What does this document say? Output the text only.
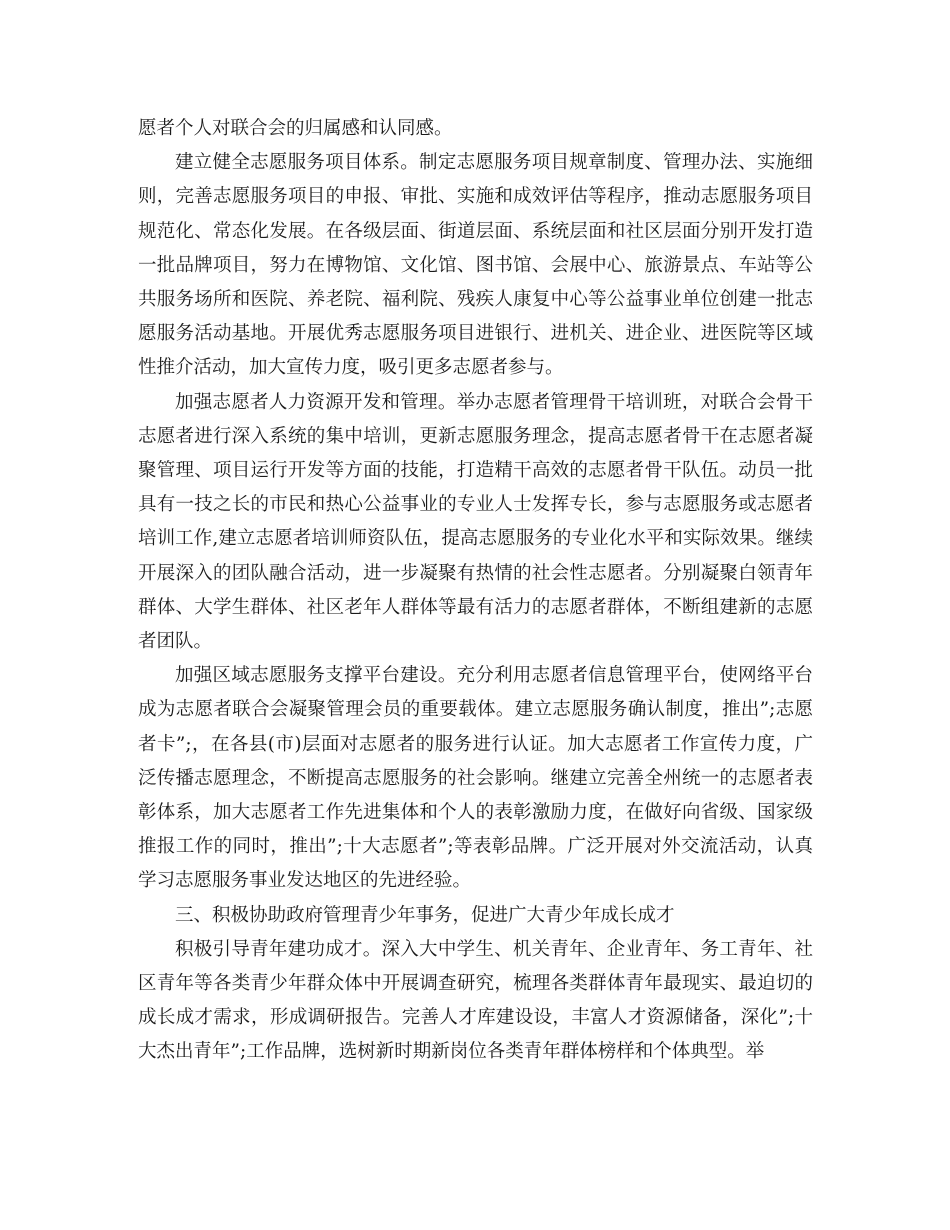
愿者个人对联合会的归属感和认同感。

建立健全志愿服务项目体系。制定志愿服务项目规章制度、管理办法、实施细则，完善志愿服务项目的申报、审批、实施和成效评估等程序，推动志愿服务项目规范化、常态化发展。在各级层面、街道层面、系统层面和社区层面分别开发打造一批品牌项目，努力在博物馆、文化馆、图书馆、会展中心、旅游景点、车站等公共服务场所和医院、养老院、福利院、残疾人康复中心等公益事业单位创建一批志愿服务活动基地。开展优秀志愿服务项目进银行、进机关、进企业、进医院等区域性推介活动，加大宣传力度，吸引更多志愿者参与。

加强志愿者人力资源开发和管理。举办志愿者管理骨干培训班，对联合会骨干志愿者进行深入系统的集中培训，更新志愿服务理念，提高志愿者骨干在志愿者凝聚管理、项目运行开发等方面的技能，打造精干高效的志愿者骨干队伍。动员一批具有一技之长的市民和热心公益事业的专业人士发挥专长，参与志愿服务或志愿者培训工作,建立志愿者培训师资队伍，提高志愿服务的专业化水平和实际效果。继续开展深入的团队融合活动，进一步凝聚有热情的社会性志愿者。分别凝聚白领青年群体、大学生群体、社区老年人群体等最有活力的志愿者群体，不断组建新的志愿者团队。

加强区域志愿服务支撑平台建设。充分利用志愿者信息管理平台，使网络平台成为志愿者联合会凝聚管理会员的重要载体。建立志愿服务确认制度，推出”;志愿者卡”;，在各县(市)层面对志愿者的服务进行认证。加大志愿者工作宣传力度，广泛传播志愿理念，不断提高志愿服务的社会影响。继建立完善全州统一的志愿者表彰体系，加大志愿者工作先进集体和个人的表彰激励力度，在做好向省级、国家级推报工作的同时，推出”;十大志愿者”;等表彰品牌。广泛开展对外交流活动，认真学习志愿服务事业发达地区的先进经验。

三、积极协助政府管理青少年事务，促进广大青少年成长成才

积极引导青年建功成才。深入大中学生、机关青年、企业青年、务工青年、社区青年等各类青少年群众体中开展调查研究，梳理各类群体青年最现实、最迫切的成长成才需求，形成调研报告。完善人才库建设设，丰富人才资源储备，深化”;十大杰出青年”;工作品牌，选树新时期新岗位各类青年群体榜样和个体典型。举
